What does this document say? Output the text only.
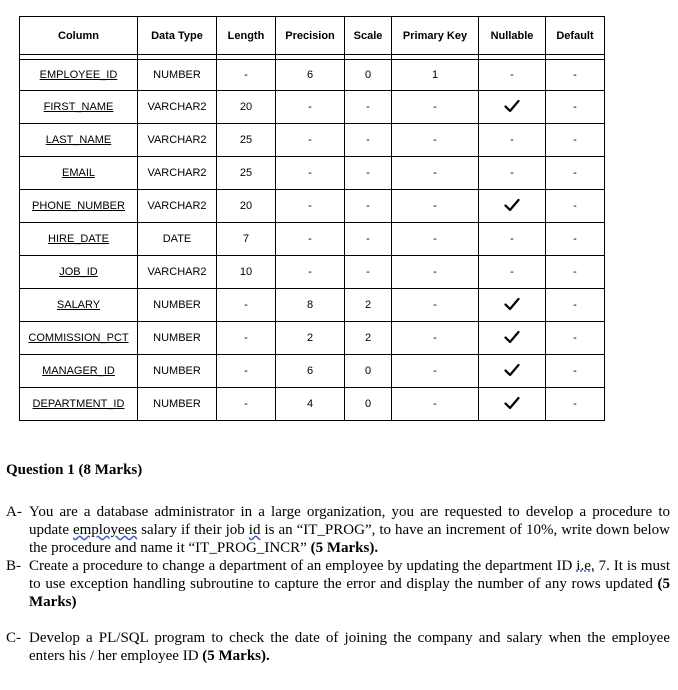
Column	Data Type	Length	Precision	Scale	Primary Key	Nullable	Default

EMPLOYEE_ID	NUMBER	-	6	0	1	-	-
FIRST_NAME	VARCHAR2	20	-	-	-		-
LAST_NAME	VARCHAR2	25	-	-	-	-	-
EMAIL	VARCHAR2	25	-	-	-	-	-
PHONE_NUMBER	VARCHAR2	20	-	-	-		-
HIRE_DATE	DATE	7	-	-	-	-	-
JOB_ID	VARCHAR2	10	-	-	-	-	-
SALARY	NUMBER	-	8	2	-		-
COMMISSION_PCT	NUMBER	-	2	2	-		-
MANAGER_ID	NUMBER	-	6	0	-		-
DEPARTMENT_ID	NUMBER	-	4	0	-		-

Question 1 (8 Marks)

A- You are a database administrator in a large organization, you are requested to develop a procedure to update employees salary if their job id is an “IT_PROG”, to have an increment of 10%, write down below the procedure and name it “IT_PROG_INCR” (5 Marks).

B- Create a procedure to change a department of an employee by updating the department ID i.e. 7. It is must to use exception handling subroutine to capture the error and display the number of any rows updated (5 Marks)

C- Develop a PL/SQL program to check the date of joining the company and salary when the employee enters his / her employee ID (5 Marks).
